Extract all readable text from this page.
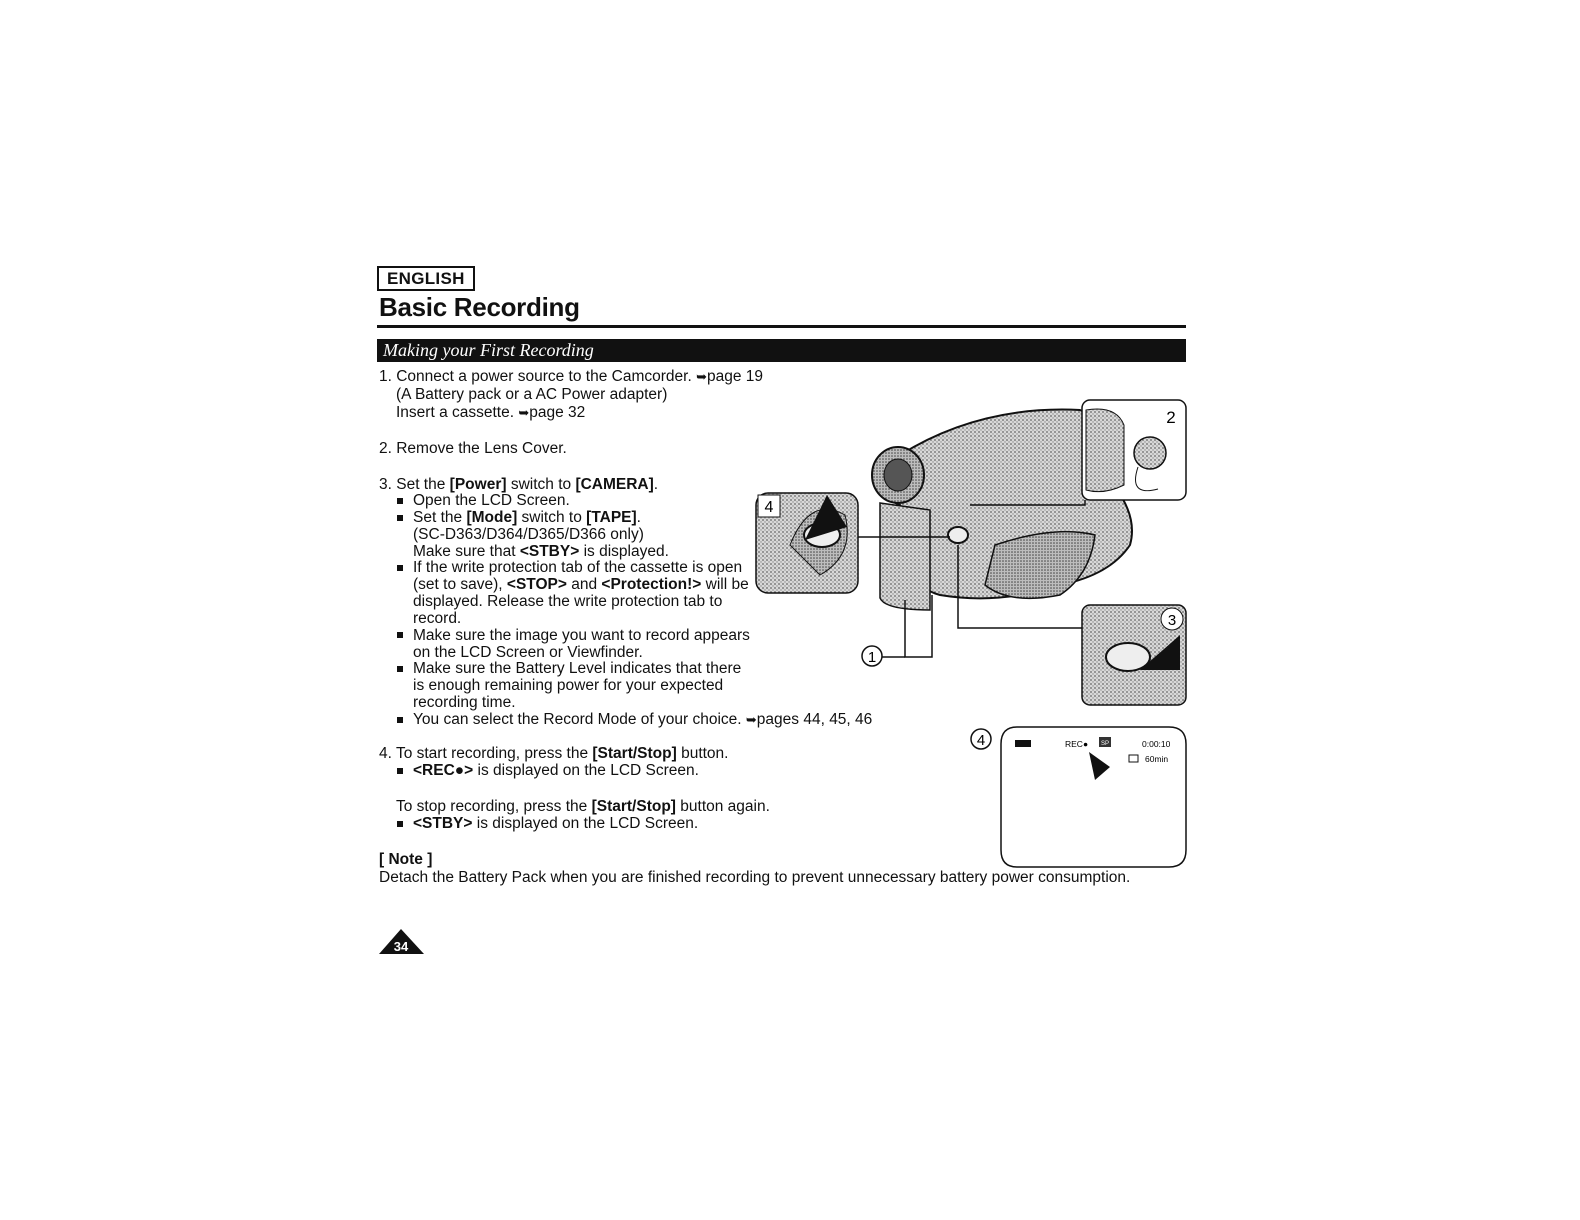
ENGLISH
Basic Recording
Making your First Recording
1. Connect a power source to the Camcorder. ➥page 19
(A Battery pack or a AC Power adapter)
Insert a cassette. ➥page 32
2. Remove the Lens Cover.
3. Set the [Power] switch to [CAMERA].
Open the LCD Screen.
Set the [Mode] switch to [TAPE].
(SC-D363/D364/D365/D366 only)
Make sure that <STBY> is displayed.
If the write protection tab of the cassette is open
(set to save), <STOP> and <Protection!> will be
displayed. Release the write protection tab to
record.
Make sure the image you want to record appears
on the LCD Screen or Viewfinder.
Make sure the Battery Level indicates that there
is enough remaining power for your expected
recording time.
You can select the Record Mode of your choice. ➥pages 44, 45, 46
4. To start recording, press the [Start/Stop] button.
<REC●> is displayed on the LCD Screen.
To stop recording, press the [Start/Stop] button again.
<STBY> is displayed on the LCD Screen.
[ Note ]
Detach the Battery Pack when you are finished recording to prevent unnecessary battery power consumption.
4
1
2
3
4	REC● SP	0:00:10
60min
34
